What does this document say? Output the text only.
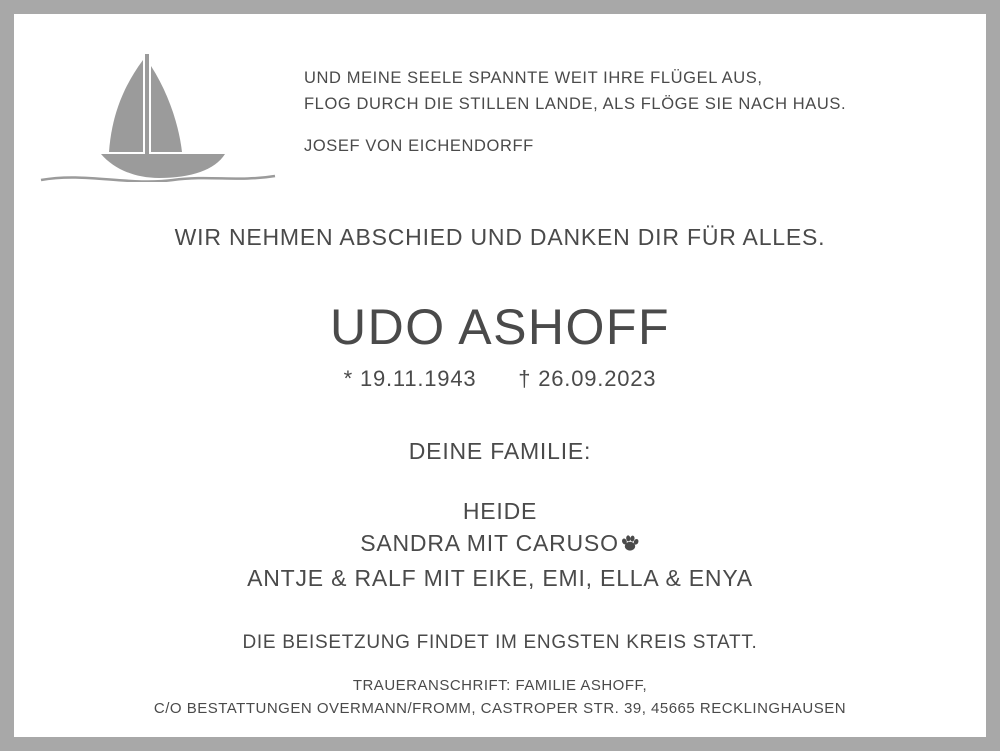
UND MEINE SEELE SPANNTE WEIT IHRE FLÜGEL AUS,
FLOG DURCH DIE STILLEN LANDE, ALS FLÖGE SIE NACH HAUS.
JOSEF VON EICHENDORFF
WIR NEHMEN ABSCHIED UND DANKEN DIR FÜR ALLES.
UDO ASHOFF
* 19.11.1943 † 26.09.2023
DEINE FAMILIE:
HEIDE
SANDRA MIT CARUSO
ANTJE & RALF MIT EIKE, EMI, ELLA & ENYA
DIE BEISETZUNG FINDET IM ENGSTEN KREIS STATT.
TRAUERANSCHRIFT: FAMILIE ASHOFF,
C/O BESTATTUNGEN OVERMANN/FROMM, CASTROPER STR. 39, 45665 RECKLINGHAUSEN
